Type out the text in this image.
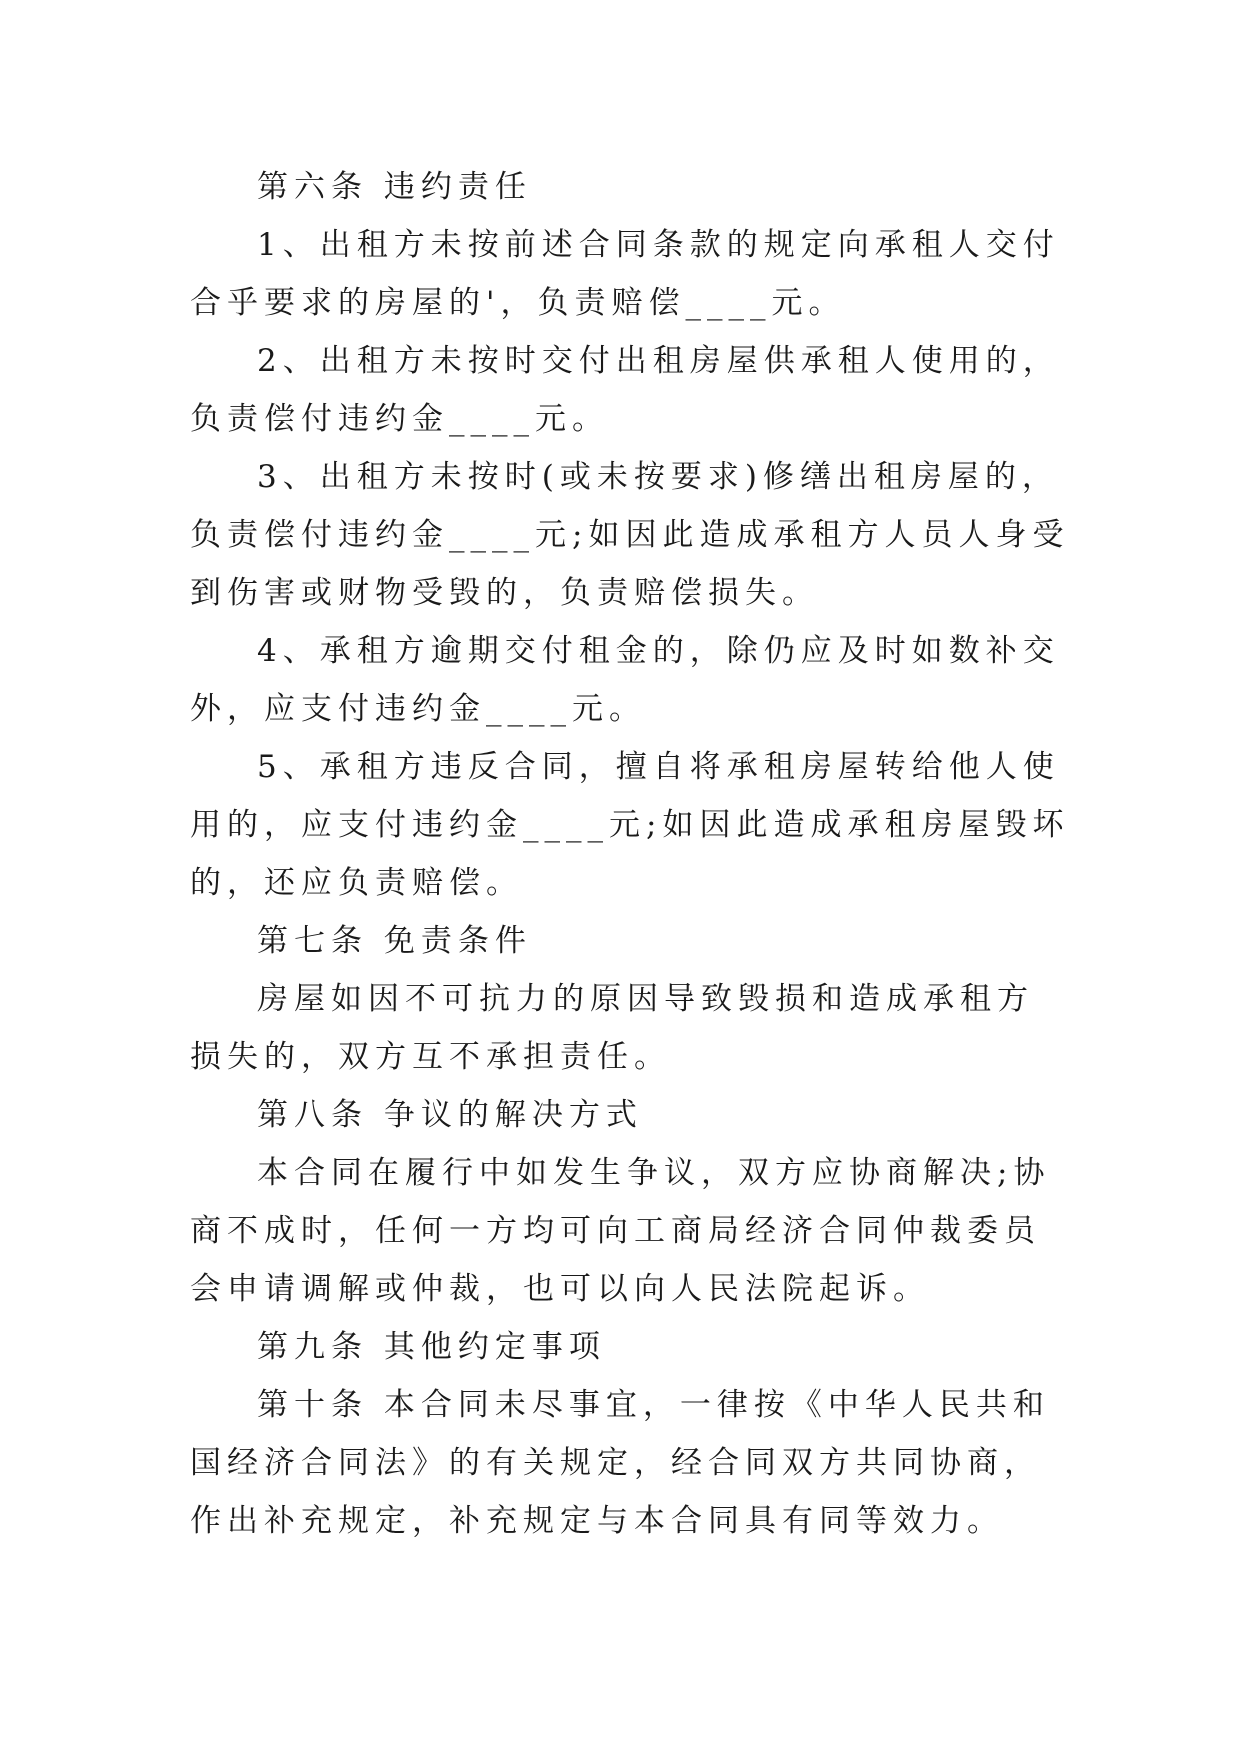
第六条 违约责任

1、出租方未按前述合同条款的规定向承租人交付合乎要求的房屋的'，负责赔偿____元。

2、出租方未按时交付出租房屋供承租人使用的，负责偿付违约金____元。

3、出租方未按时(或未按要求)修缮出租房屋的，负责偿付违约金____元;如因此造成承租方人员人身受到伤害或财物受毁的，负责赔偿损失。

4、承租方逾期交付租金的，除仍应及时如数补交外，应支付违约金____元。

5、承租方违反合同，擅自将承租房屋转给他人使用的，应支付违约金____元;如因此造成承租房屋毁坏的，还应负责赔偿。

第七条 免责条件

房屋如因不可抗力的原因导致毁损和造成承租方损失的，双方互不承担责任。

第八条 争议的解决方式

本合同在履行中如发生争议，双方应协商解决;协商不成时，任何一方均可向工商局经济合同仲裁委员会申请调解或仲裁，也可以向人民法院起诉。

第九条 其他约定事项

第十条 本合同未尽事宜，一律按《中华人民共和国经济合同法》的有关规定，经合同双方共同协商，作出补充规定，补充规定与本合同具有同等效力。
